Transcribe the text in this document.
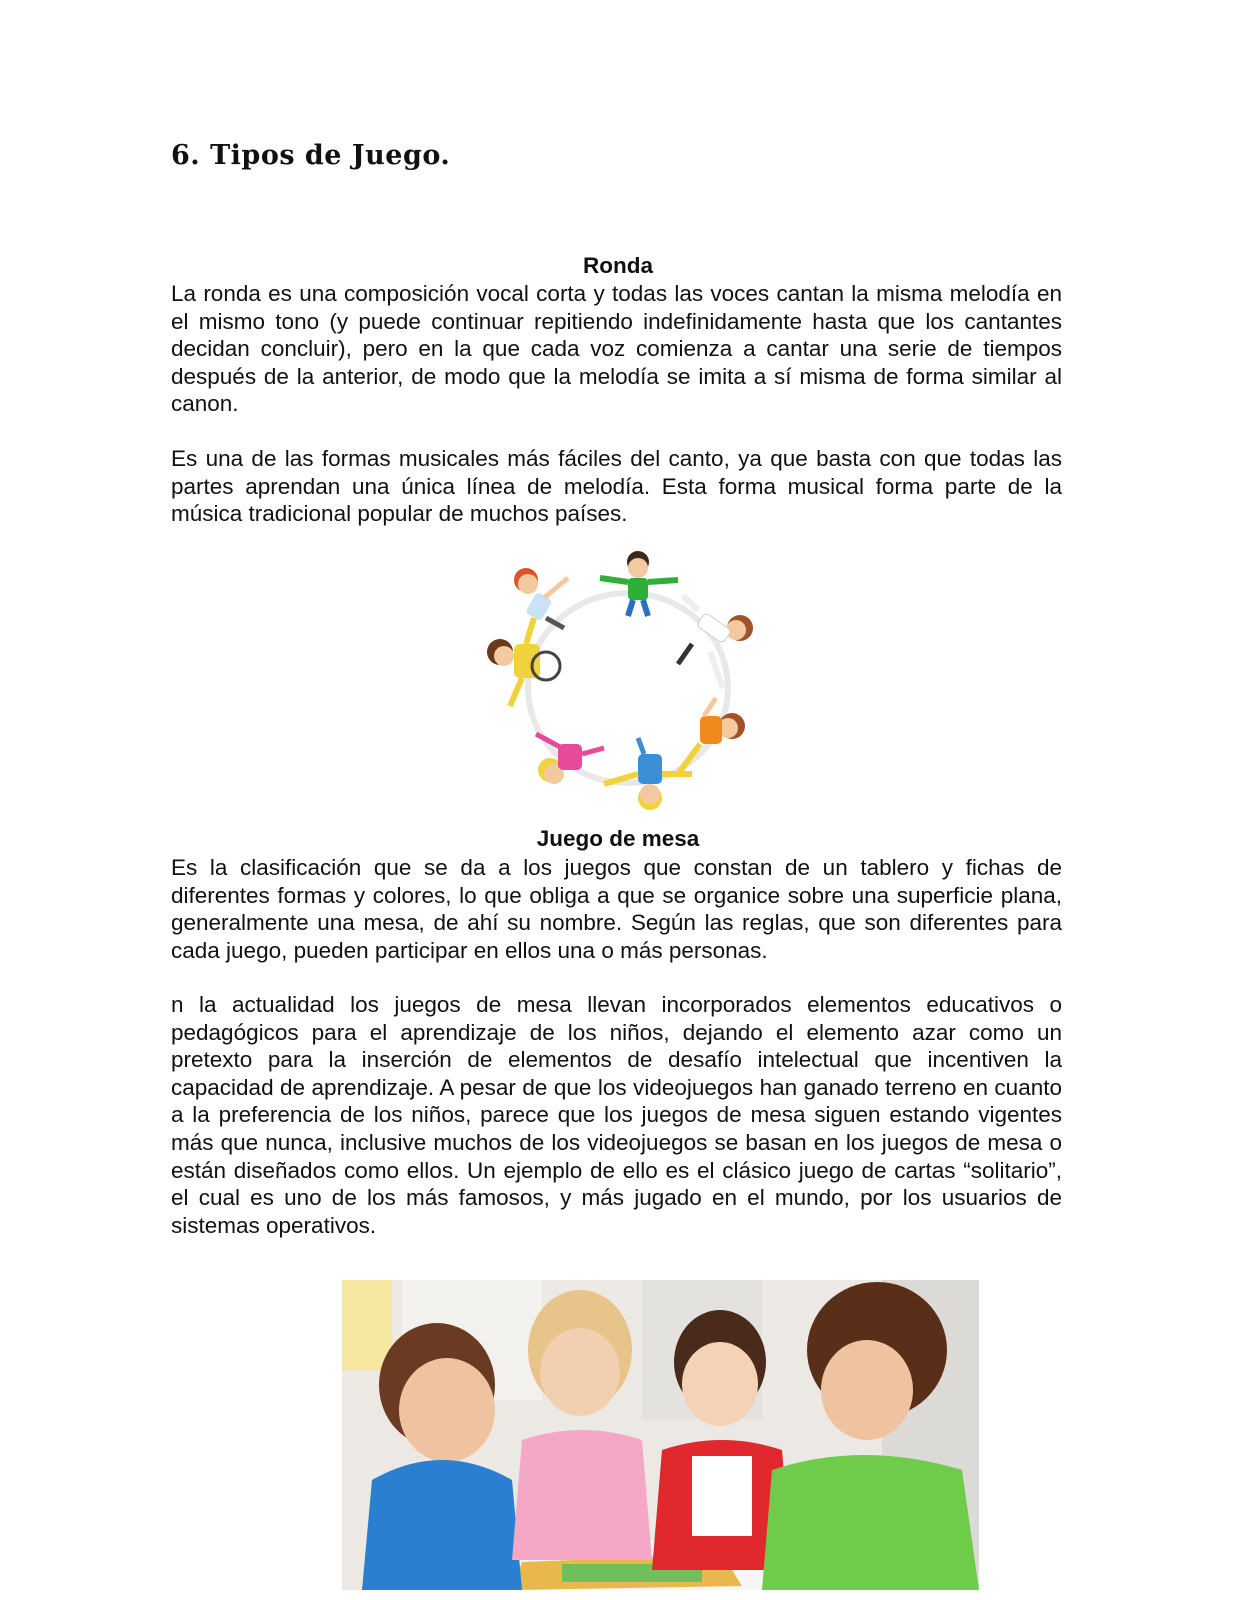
6. Tipos de Juego.
Ronda

La ronda es una composición vocal corta y todas las voces cantan la misma melodía en el mismo tono (y puede continuar repitiendo indefinidamente hasta que los cantantes decidan concluir), pero en la que cada voz comienza a cantar una serie de tiempos después de la anterior, de modo que la melodía se imita a sí misma de forma similar al canon.

Es una de las formas musicales más fáciles del canto, ya que basta con que todas las partes aprendan una única línea de melodía. Esta forma musical forma parte de la música tradicional popular de muchos países.

Juego de mesa

Es la clasificación que se da a los juegos que constan de un tablero y fichas de diferentes formas y colores, lo que obliga a que se organice sobre una superficie plana, generalmente una mesa, de ahí su nombre. Según las reglas, que son diferentes para cada juego, pueden participar en ellos una o más personas.

n la actualidad los juegos de mesa llevan incorporados elementos educativos o pedagógicos para el aprendizaje de los niños, dejando el elemento azar como un pretexto para la inserción de elementos de desafío intelectual que incentiven la capacidad de aprendizaje. A pesar de que los videojuegos han ganado terreno en cuanto a la preferencia de los niños, parece que los juegos de mesa siguen estando vigentes más que nunca, inclusive muchos de los videojuegos se basan en los juegos de mesa o están diseñados como ellos. Un ejemplo de ello es el clásico juego de cartas “solitario”, el cual es uno de los más famosos, y más jugado en el mundo, por los usuarios de sistemas operativos.
